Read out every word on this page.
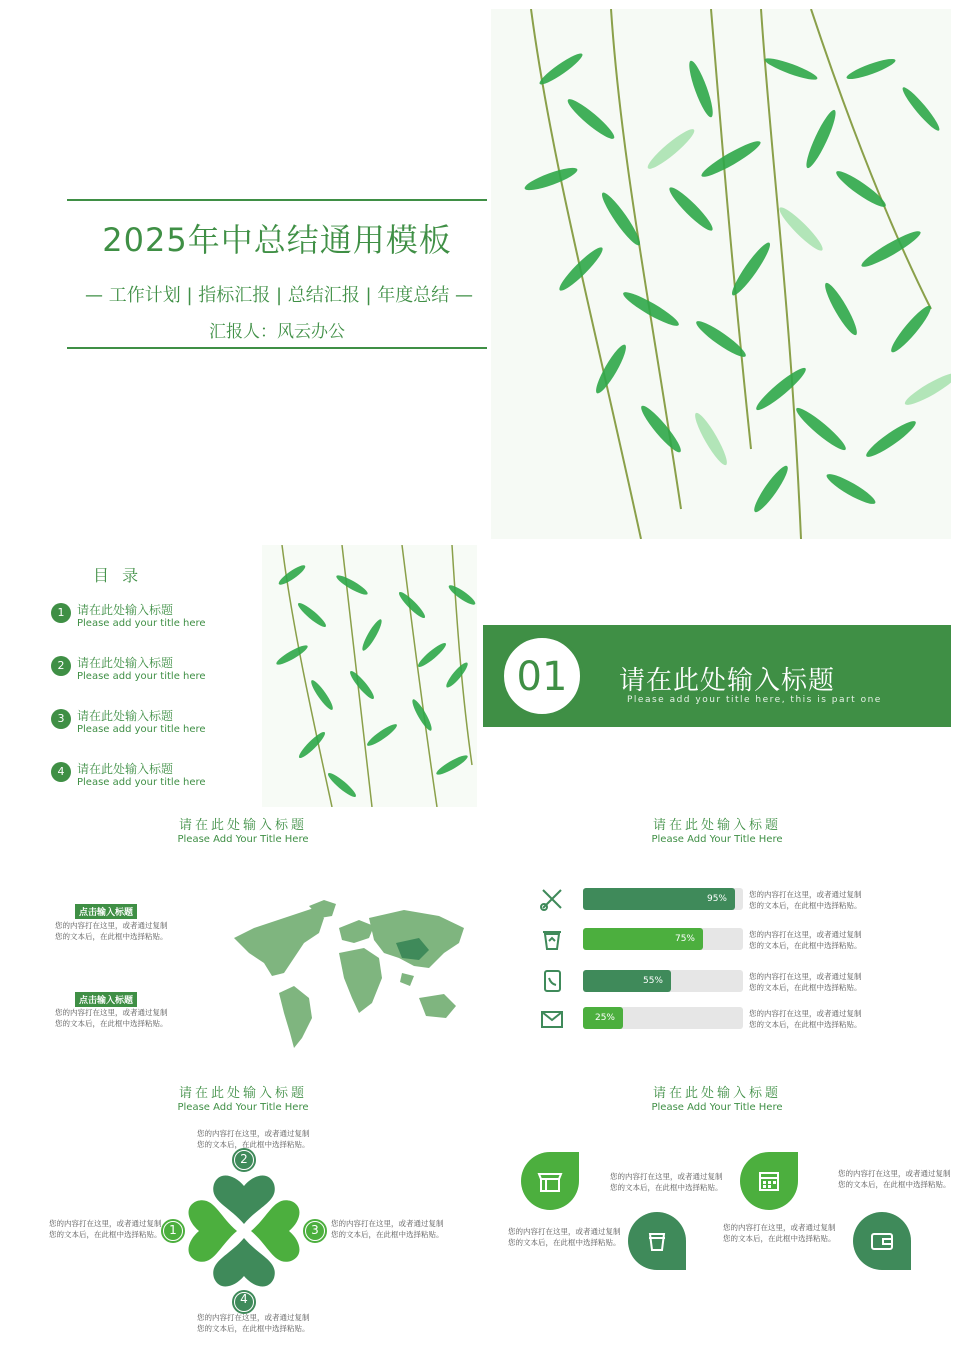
2025年中总结通用模板
— 工作计划 | 指标汇报 | 总结汇报 | 年度总结 —
汇报人：风云办公
目 录
1	请在此处输入标题
Please add your title here
2	请在此处输入标题
Please add your title here
3	请在此处输入标题
Please add your title here
4	请在此处输入标题
Please add your title here
01	请在此处输入标题
Please add your title here, this is part one
请在此处输入标题
Please Add Your Title Here
点击输入标题
您的内容打在这里，或者通过复制
您的文本后，在此框中选择粘贴。
点击输入标题
您的内容打在这里，或者通过复制
您的文本后，在此框中选择粘贴。
请在此处输入标题
Please Add Your Title Here
95%	您的内容打在这里，或者通过复制
您的文本后，在此框中选择粘贴。
75%	您的内容打在这里，或者通过复制
您的文本后，在此框中选择粘贴。
55%	您的内容打在这里，或者通过复制
您的文本后，在此框中选择粘贴。
25%	您的内容打在这里，或者通过复制
您的文本后，在此框中选择粘贴。
请在此处输入标题
Please Add Your Title Here
2
4
1	3
您的内容打在这里，或者通过复制
您的文本后，在此框中选择粘贴。
您的内容打在这里，或者通过复制
您的文本后，在此框中选择粘贴。
您的内容打在这里，或者通过复制
您的文本后，在此框中选择粘贴。
您的内容打在这里，或者通过复制
您的文本后，在此框中选择粘贴。
请在此处输入标题
Please Add Your Title Here
您的内容打在这里，或者通过复制
您的文本后，在此框中选择粘贴。
您的内容打在这里，或者通过复制
您的文本后，在此框中选择粘贴。
您的内容打在这里，或者通过复制
您的文本后，在此框中选择粘贴。
您的内容打在这里，或者通过复制
您的文本后，在此框中选择粘贴。
